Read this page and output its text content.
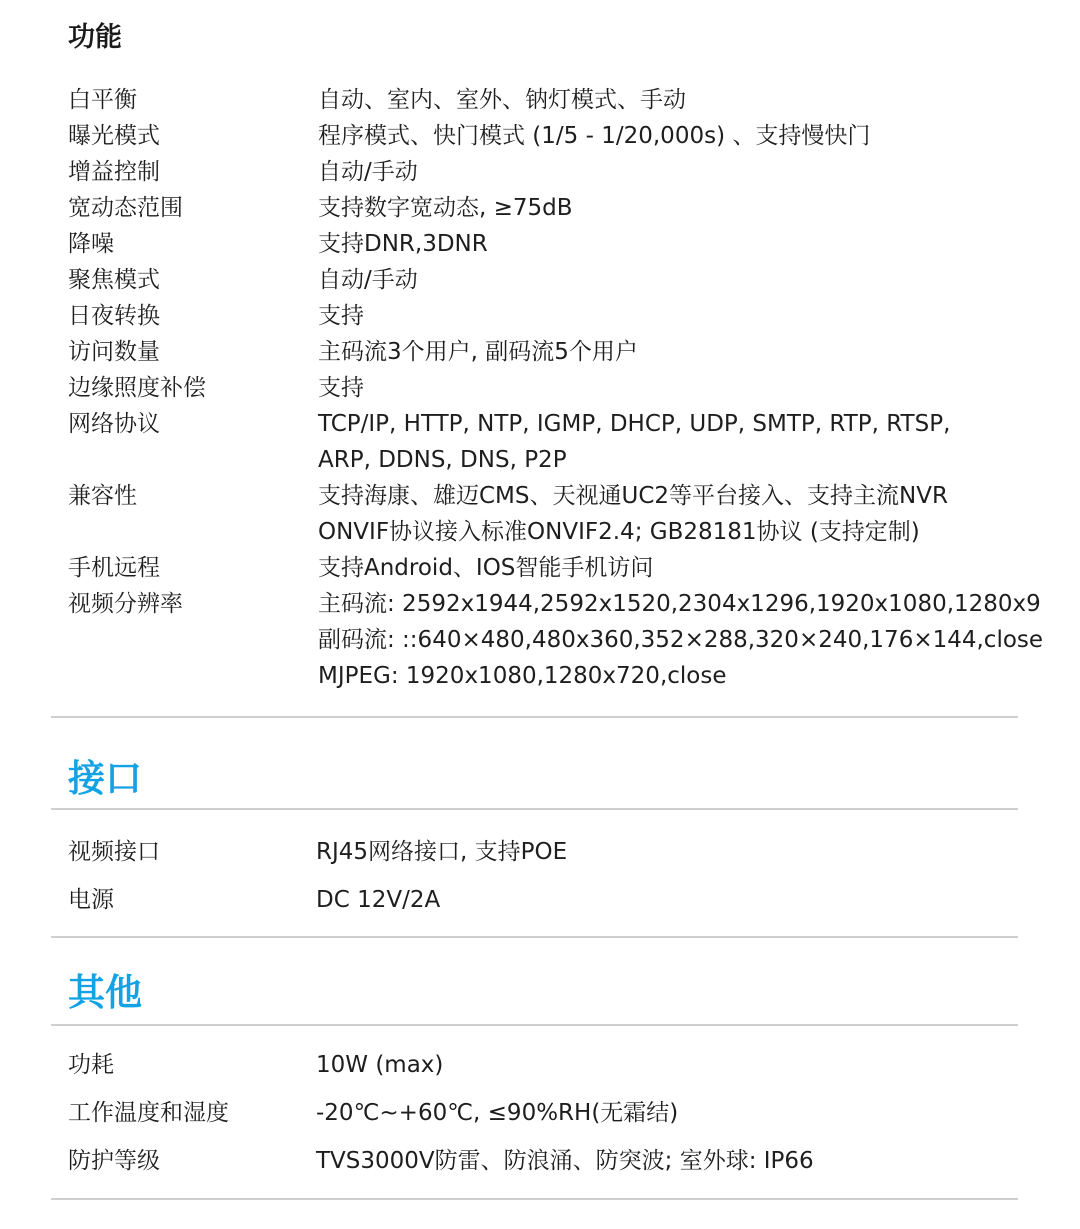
功能
白平衡	自动、室内、室外、钠灯模式、手动
曝光模式	程序模式、快门模式 (1/5 - 1/20,000s) 、支持慢快门
增益控制	自动/手动
宽动态范围	支持数字宽动态, ≥75dB
降噪	支持DNR,3DNR
聚焦模式	自动/手动
日夜转换	支持
访问数量	主码流3个用户, 副码流5个用户
边缘照度补偿	支持
网络协议	TCP/IP, HTTP, NTP, IGMP, DHCP, UDP, SMTP, RTP, RTSP,
ARP, DDNS, DNS, P2P
兼容性	支持海康、雄迈CMS、天视通UC2等平台接入、支持主流NVR
ONVIF协议接入标准ONVIF2.4; GB28181协议 (支持定制)
手机远程	支持Android、IOS智能手机访问
视频分辨率	主码流: 2592x1944,2592x1520,2304x1296,1920x1080,1280x9
副码流: ::640×480,480x360,352×288,320×240,176×144,close
MJPEG: 1920x1080,1280x720,close
接口
视频接口	RJ45网络接口, 支持POE
电源	DC 12V/2A
其他
功耗	10W (max)
工作温度和湿度	-20℃~+60℃, ≤90%RH(无霜结)
防护等级	TVS3000V防雷、防浪涌、防突波; 室外球: IP66
